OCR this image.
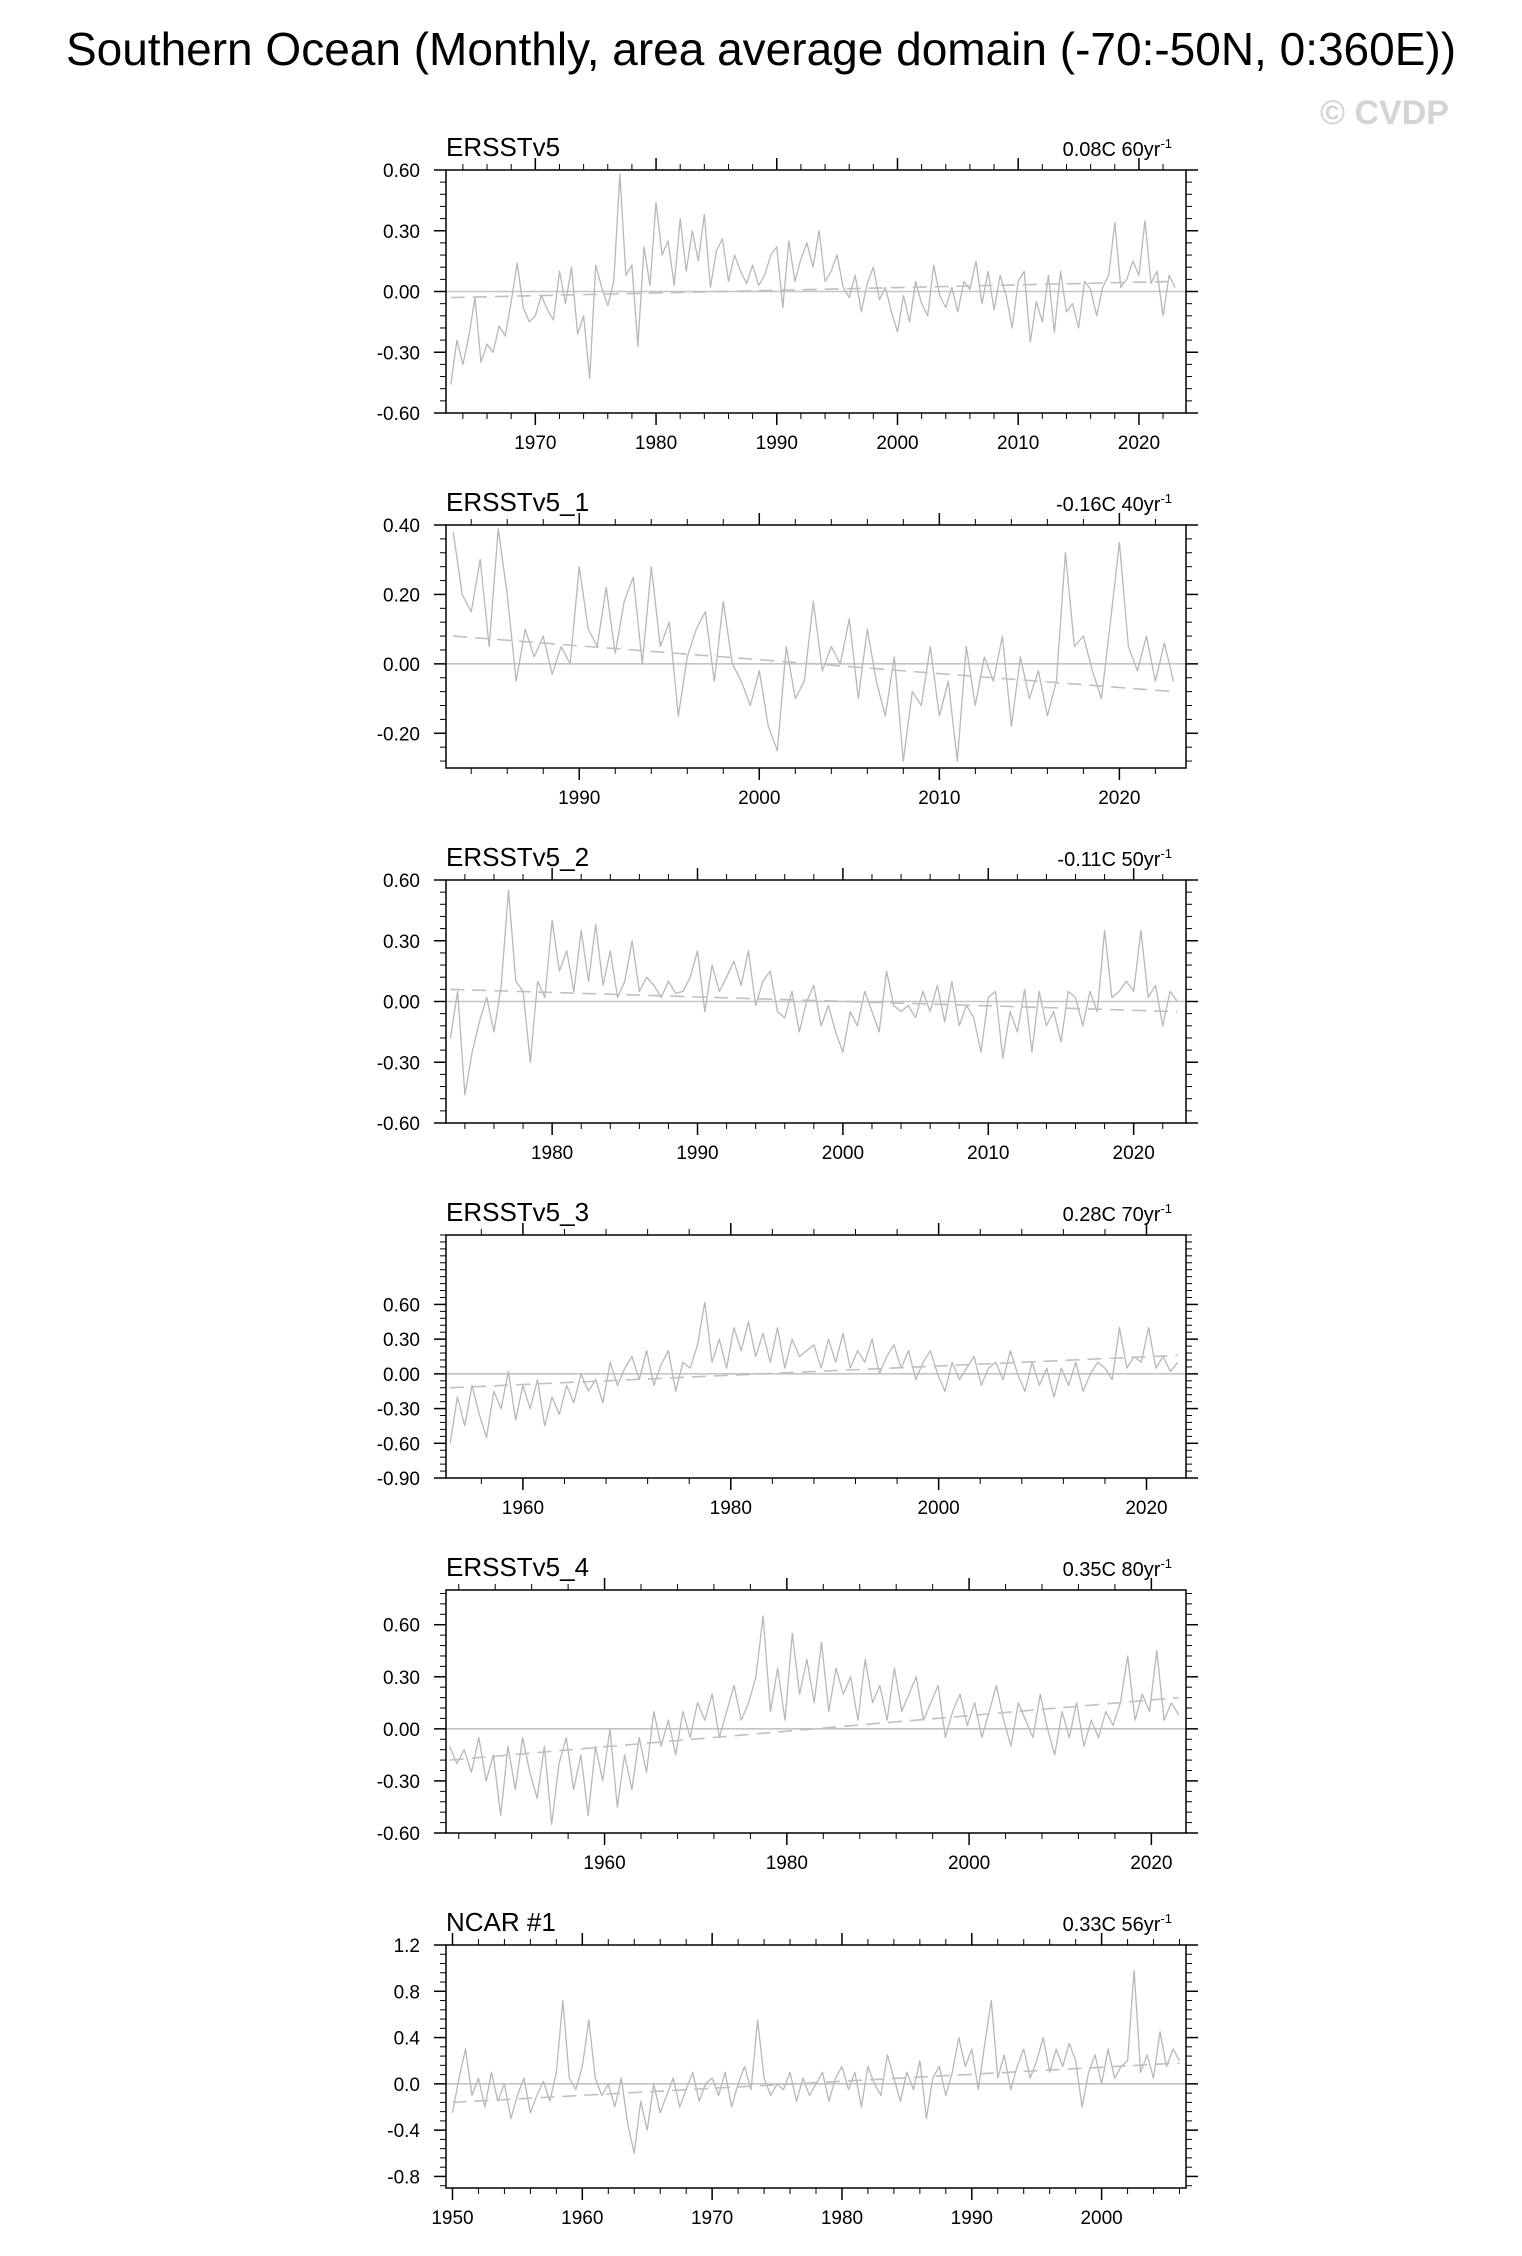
Southern Ocean (Monthly, area average domain (-70:-50N, 0:360E))
© CVDP
ERSSTv5	0.08C $60yr^{-1}$
-0.60
-0.30
0.00
0.30
0.60
1970	1980	1990	2000	2010	2020
ERSSTv5_1	-0.16C $40yr^{-1}$
-0.20
0.00
0.20
0.40
1990	2000	2010	2020
ERSSTv5_2	-0.11C $50yr^{-1}$
-0.60
-0.30
0.00
0.30
0.60
1980	1990	2000	2010	2020
ERSSTv5_3	0.28C $70yr^{-1}$
-0.90
-0.60
-0.30
0.00
0.30
0.60
1960	1980	2000	2020
ERSSTv5_4	0.35C $80yr^{-1}$
-0.60
-0.30
0.00
0.30
0.60
1960	1980	2000	2020
NCAR #1	0.33C $56yr^{-1}$
-0.8
-0.4
0.0
0.4
0.8
1.2
1950	1960	1970	1980	1990	2000
